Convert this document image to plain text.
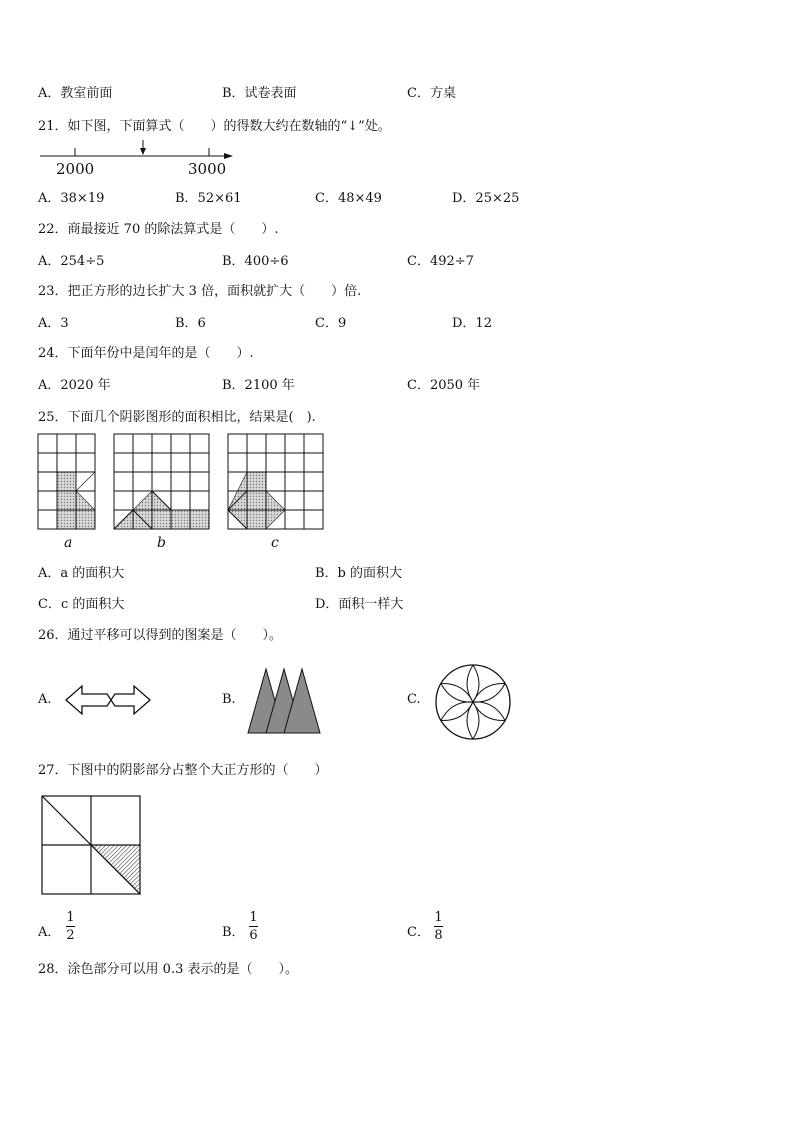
A．教室前面	B．试卷表面	C．方桌
21．如下图，下面算式（　　）的得数大约在数轴的“↓”处。
2000	3000
A．38×19	B．52×61	C．48×49	D．25×25
22．商最接近 70 的除法算式是（　　）.
A．254÷5	B．400÷6	C．492÷7
23．把正方形的边长扩大 3 倍，面积就扩大（　　）倍.
A．3	B．6	C．9	D．12
24．下面年份中是闰年的是（　　）.
A．2020 年	B．2100 年	C．2050 年
25．下面几个阴影图形的面积相比，结果是(　).
a	b	c
A．a 的面积大	B．b 的面积大
C．c 的面积大	D．面积一样大
26．通过平移可以得到的图案是（　　）。
A.	B.	C.
27．下图中的阴影部分占整个大正方形的（　　）
A．
1
2	B．
1
6	C．
1
8
28．涂色部分可以用 0.3 表示的是（　　）。
